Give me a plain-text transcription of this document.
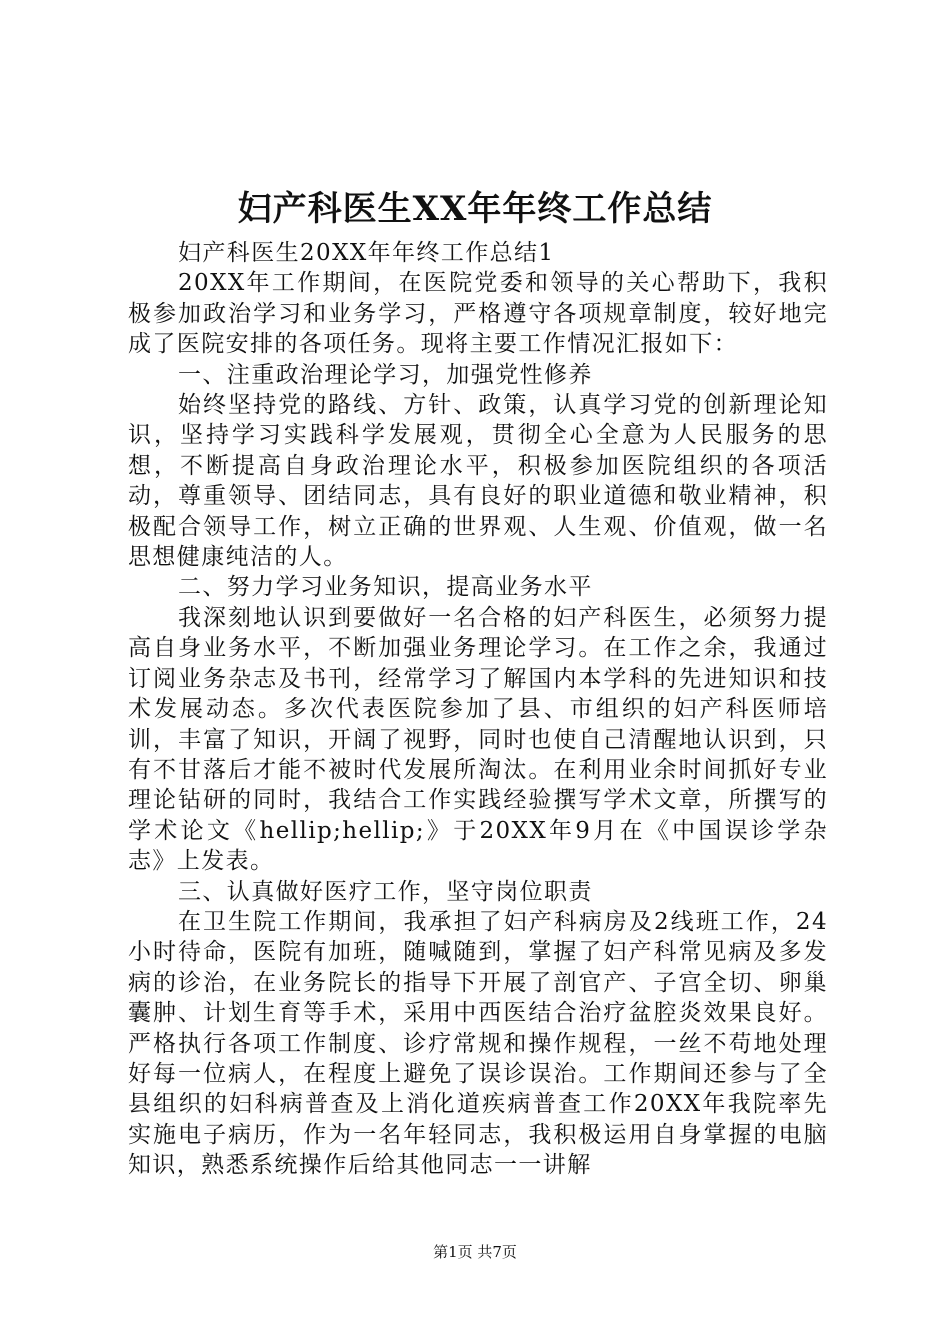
妇产科医生XX年年终工作总结

妇产科医生20XX年年终工作总结1

20XX年工作期间，在医院党委和领导的关心帮助下，我积极参加政治学习和业务学习，严格遵守各项规章制度，较好地完成了医院安排的各项任务。现将主要工作情况汇报如下：

一、注重政治理论学习，加强党性修养

始终坚持党的路线、方针、政策，认真学习党的创新理论知识，坚持学习实践科学发展观，贯彻全心全意为人民服务的思想，不断提高自身政治理论水平，积极参加医院组织的各项活动，尊重领导、团结同志，具有良好的职业道德和敬业精神，积极配合领导工作，树立正确的世界观、人生观、价值观，做一名思想健康纯洁的人。

二、努力学习业务知识，提高业务水平

我深刻地认识到要做好一名合格的妇产科医生，必须努力提高自身业务水平，不断加强业务理论学习。在工作之余，我通过订阅业务杂志及书刊，经常学习了解国内本学科的先进知识和技术发展动态。多次代表医院参加了县、市组织的妇产科医师培训，丰富了知识，开阔了视野，同时也使自己清醒地认识到，只有不甘落后才能不被时代发展所淘汰。在利用业余时间抓好专业理论钻研的同时，我结合工作实践经验撰写学术文章，所撰写的学术论文《hellip;hellip;》于20XX年9月在《中国误诊学杂志》上发表。

三、认真做好医疗工作，坚守岗位职责

在卫生院工作期间，我承担了妇产科病房及2线班工作，24小时待命，医院有加班，随喊随到，掌握了妇产科常见病及多发病的诊治，在业务院长的指导下开展了剖官产、子宫全切、卵巢囊肿、计划生育等手术，采用中西医结合治疗盆腔炎效果良好。严格执行各项工作制度、诊疗常规和操作规程，一丝不苟地处理好每一位病人，在程度上避免了误诊误治。工作期间还参与了全县组织的妇科病普查及上消化道疾病普查工作20XX年我院率先实施电子病历，作为一名年轻同志，我积极运用自身掌握的电脑知识，熟悉系统操作后给其他同志一一讲解

第1页 共7页
